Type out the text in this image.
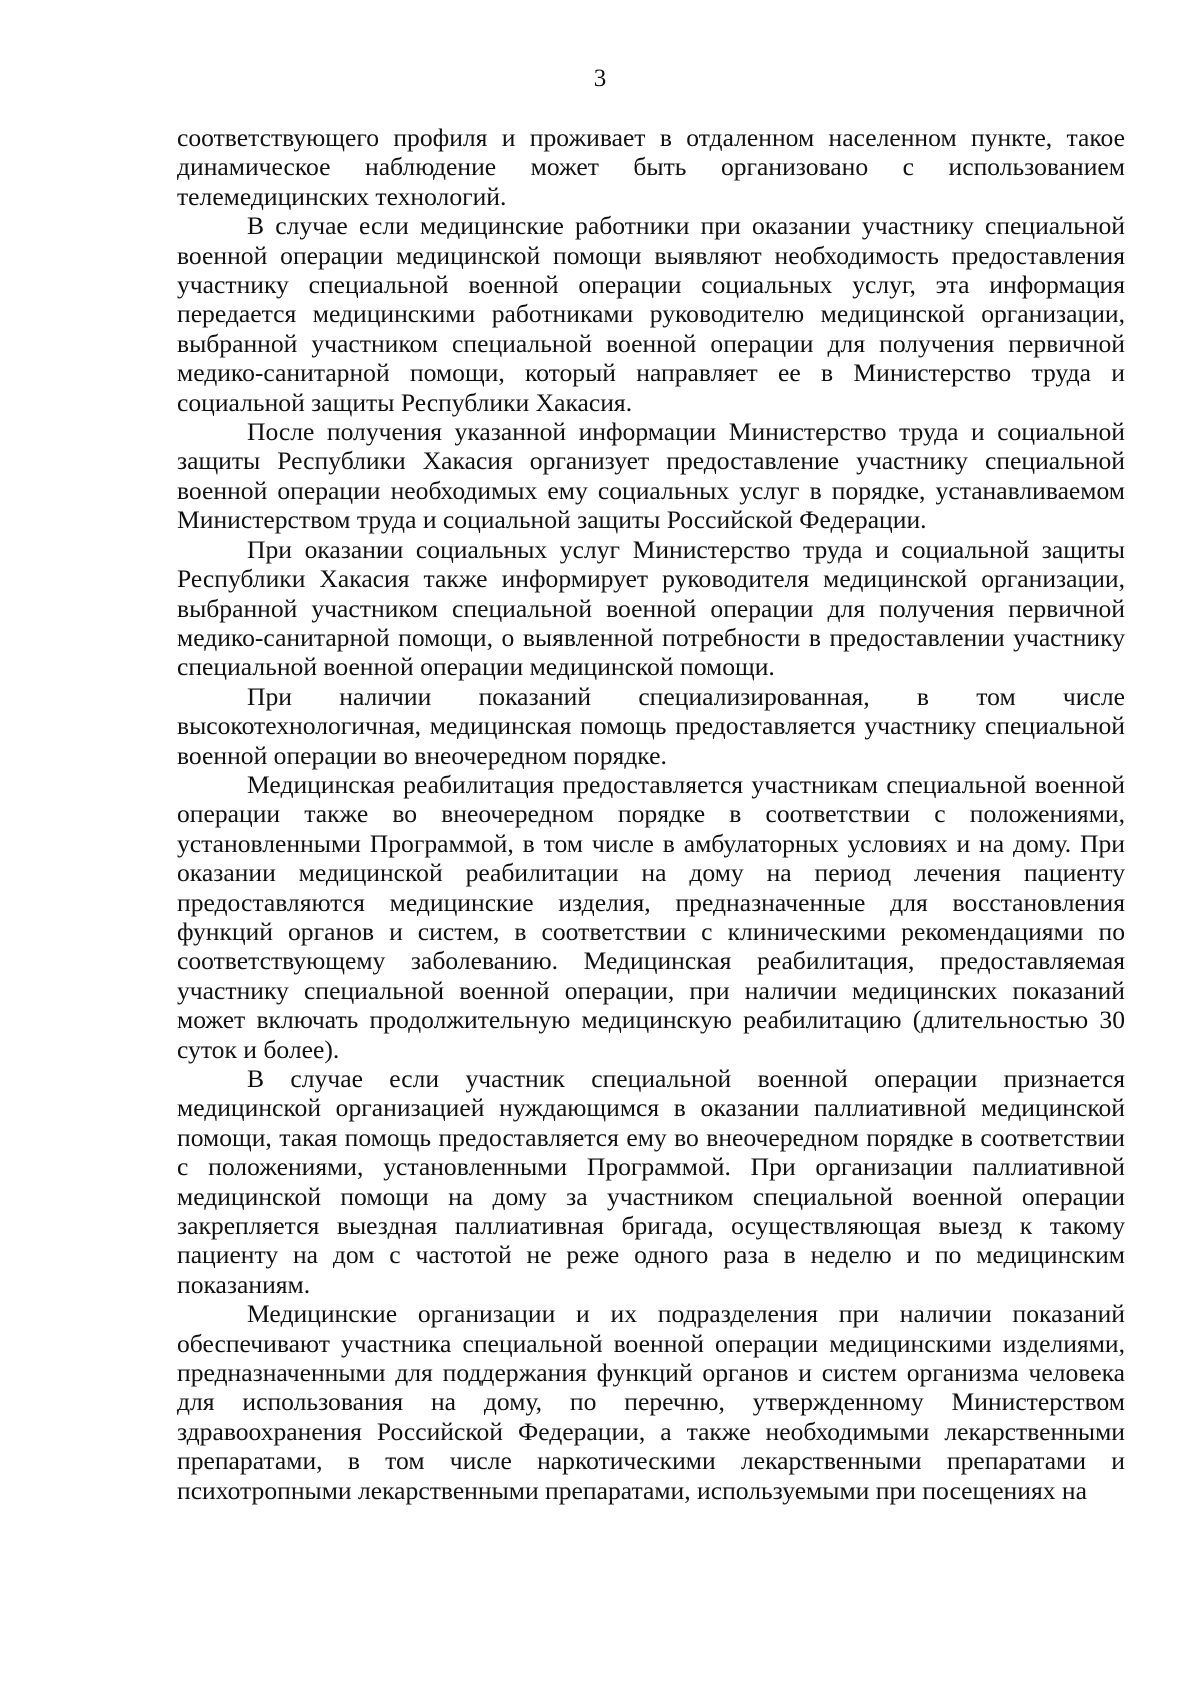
3

соответствующего профиля и проживает в отдаленном населенном пункте, такое динамическое наблюдение может быть организовано с использованием телемедицинских технологий.

В случае если медицинские работники при оказании участнику специальной военной операции медицинской помощи выявляют необходимость предоставления участнику специальной военной операции социальных услуг, эта информация передается медицинскими работниками руководителю медицинской организации, выбранной участником специальной военной операции для получения первичной медико-санитарной помощи, который направляет ее в Министерство труда и социальной защиты Республики Хакасия.

После получения указанной информации Министерство труда и социальной защиты Республики Хакасия организует предоставление участнику специальной военной операции необходимых ему социальных услуг в порядке, устанавливаемом Министерством труда и социальной защиты Российской Федерации.

При оказании социальных услуг Министерство труда и социальной защиты Республики Хакасия также информирует руководителя медицинской организации, выбранной участником специальной военной операции для получения первичной медико-санитарной помощи, о выявленной потребности в предоставлении участнику специальной военной операции медицинской помощи.

При наличии показаний специализированная, в том числе высокотехнологичная, медицинская помощь предоставляется участнику специальной военной операции во внеочередном порядке.

Медицинская реабилитация предоставляется участникам специальной военной операции также во внеочередном порядке в соответствии с положениями, установленными Программой, в том числе в амбулаторных условиях и на дому. При оказании медицинской реабилитации на дому на период лечения пациенту предоставляются медицинские изделия, предназначенные для восстановления функций органов и систем, в соответствии с клиническими рекомендациями по соответствующему заболеванию. Медицинская реабилитация, предоставляемая участнику специальной военной операции, при наличии медицинских показаний может включать продолжительную медицинскую реабилитацию (длительностью 30 суток и более).

В случае если участник специальной военной операции признается медицинской организацией нуждающимся в оказании паллиативной медицинской помощи, такая помощь предоставляется ему во внеочередном порядке в соответствии с положениями, установленными Программой. При организации паллиативной медицинской помощи на дому за участником специальной военной операции закрепляется выездная паллиативная бригада, осуществляющая выезд к такому пациенту на дом с частотой не реже одного раза в неделю и по медицинским показаниям.

Медицинские организации и их подразделения при наличии показаний обеспечивают участника специальной военной операции медицинскими изделиями, предназначенными для поддержания функций органов и систем организма человека для использования на дому, по перечню, утвержденному Министерством здравоохранения Российской Федерации, а также необходимыми лекарственными препаратами, в том числе наркотическими лекарственными препаратами и психотропными лекарственными препаратами, используемыми при посещениях на
